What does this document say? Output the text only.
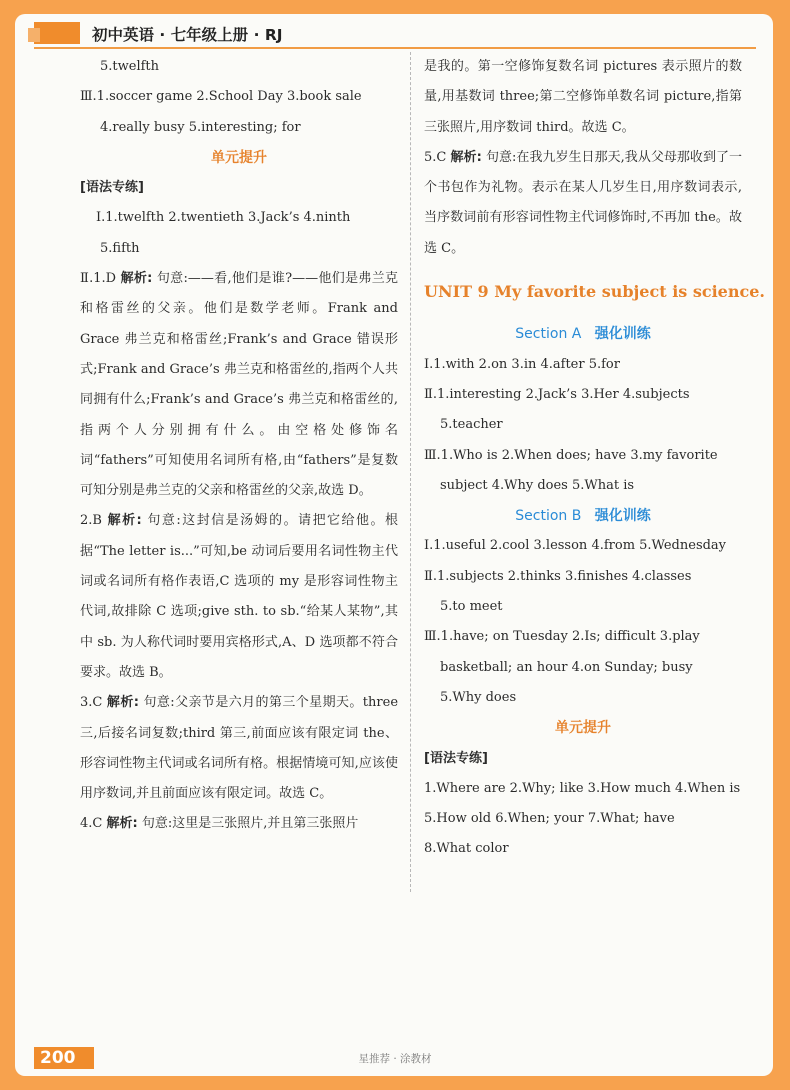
初中英语 · 七年级上册 · RJ
5.twelfth
Ⅲ.1.soccer game 2.School Day 3.book sale
4.really busy 5.interesting; for
单元提升
[语法专练]
Ⅰ.1.twelfth 2.twentieth 3.Jack’s 4.ninth
5.fifth
Ⅱ.1.D 解析: 句意:——看,他们是谁?——他们是弗兰克和格雷丝的父亲。他们是数学老师。Frank and Grace 弗兰克和格雷丝;Frank’s and Grace 错误形式;Frank and Grace’s 弗兰克和格雷丝的,指两个人共同拥有什么;Frank’s and Grace’s 弗兰克和格雷丝的,指两个人分别拥有什么。由空格处修饰名词“fathers”可知使用名词所有格,由“fathers”是复数可知分别是弗兰克的父亲和格雷丝的父亲,故选 D。
2.B 解析: 句意:这封信是汤姆的。请把它给他。根据“The letter is...”可知,be 动词后要用名词性物主代词或名词所有格作表语,C 选项的 my 是形容词性物主代词,故排除 C 选项;give sth. to sb.“给某人某物”,其中 sb. 为人称代词时要用宾格形式,A、D 选项都不符合要求。故选 B。
3.C 解析: 句意:父亲节是六月的第三个星期天。three 三,后接名词复数;third 第三,前面应该有限定词 the、形容词性物主代词或名词所有格。根据情境可知,应该使用序数词,并且前面应该有限定词。故选 C。
4.C 解析: 句意:这里是三张照片,并且第三张照片
是我的。第一空修饰复数名词 pictures 表示照片的数量,用基数词 three;第二空修饰单数名词 picture,指第三张照片,用序数词 third。故选 C。
5.C 解析: 句意:在我九岁生日那天,我从父母那收到了一个书包作为礼物。表示在某人几岁生日,用序数词表示,当序数词前有形容词性物主代词修饰时,不再加 the。故选 C。
UNIT 9 My favorite subject is science.
Section A 强化训练
Ⅰ.1.with 2.on 3.in 4.after 5.for
Ⅱ.1.interesting 2.Jack’s 3.Her 4.subjects
5.teacher
Ⅲ.1.Who is 2.When does; have 3.my favorite
subject 4.Why does 5.What is
Section B 强化训练
Ⅰ.1.useful 2.cool 3.lesson 4.from 5.Wednesday
Ⅱ.1.subjects 2.thinks 3.finishes 4.classes
5.to meet
Ⅲ.1.have; on Tuesday 2.Is; difficult 3.play
basketball; an hour 4.on Sunday; busy
5.Why does
单元提升
[语法专练]
1.Where are 2.Why; like 3.How much 4.When is
5.How old 6.When; your 7.What; have
8.What color
200	星推荐 · 涂教材
